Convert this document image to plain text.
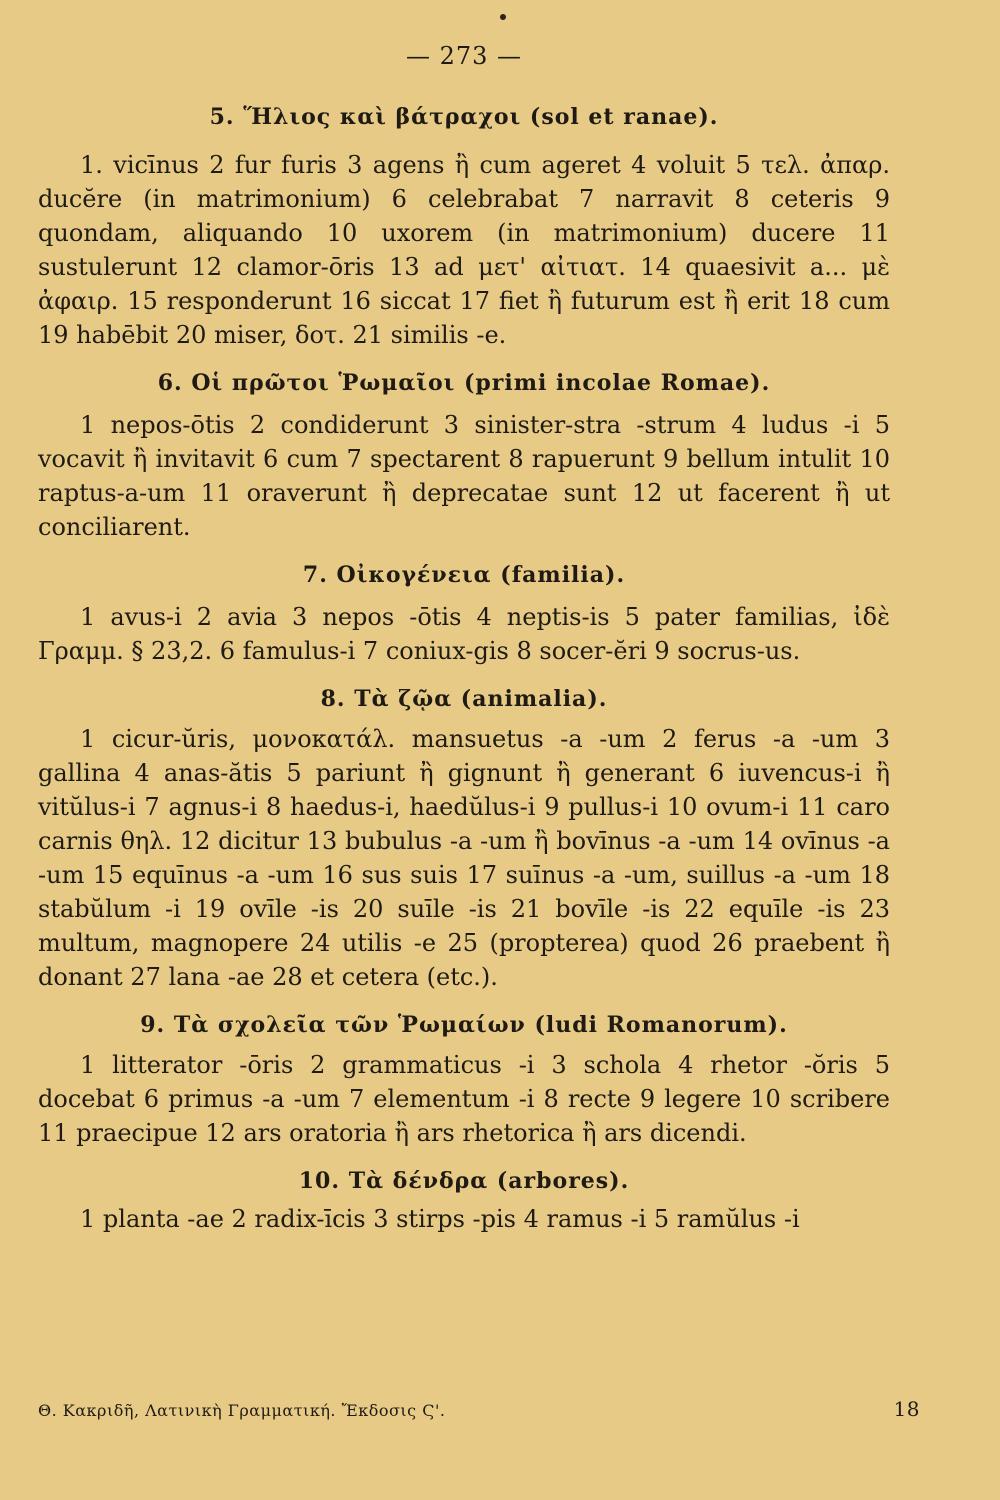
— 273 —
5. Ἥλιος καὶ βάτραχοι (sol et ranae).

1. vicīnus 2 fur furis 3 agens ἢ cum ageret 4 voluit 5 τελ. ἀπαρ. ducĕre (in matrimonium) 6 celebrabat 7 narravit 8 ceteris 9 quondam, aliquando 10 uxorem (in matrimonium) ducere 11 sustulerunt 12 clamor-ōris 13 ad μετ' αἰτιατ. 14 quaesivit a... μὲ ἀφαιρ. 15 responderunt 16 siccat 17 fiet ἢ futurum est ἢ erit 18 cum 19 habēbit 20 miser, δοτ. 21 similis -e.

6. Οἱ πρῶτοι Ῥωμαῖοι (primi incolae Romae).

1 nepos-ōtis 2 condiderunt 3 sinister-stra -strum 4 ludus -i 5 vocavit ἢ invitavit 6 cum 7 spectarent 8 rapuerunt 9 bellum intulit 10 raptus-a-um 11 oraverunt ἢ deprecatae sunt 12 ut facerent ἢ ut conciliarent.

7. Οἰκογένεια (familia).

1 avus-i 2 avia 3 nepos -ōtis 4 neptis-is 5 pater familias, ἰδὲ Γραμμ. § 23,2. 6 famulus-i 7 coniux-gis 8 socer-ĕri 9 socrus-us.

8. Τὰ ζῷα (animalia).

1 cicur-ŭris, μονοκατάλ. mansuetus -a -um 2 ferus -a -um 3 gallina 4 anas-ătis 5 pariunt ἢ gignunt ἢ generant 6 iuvencus-i ἢ vitŭlus-i 7 agnus-i 8 haedus-i, haedŭlus-i 9 pullus-i 10 ovum-i 11 caro carnis θηλ. 12 dicitur 13 bubulus -a -um ἢ bovīnus -a -um 14 ovīnus -a -um 15 equīnus -a -um 16 sus suis 17 suīnus -a -um, suillus -a -um 18 stabŭlum -i 19 ovīle -is 20 suīle -is 21 bovīle -is 22 equīle -is 23 multum, magnopere 24 utilis -e 25 (propterea) quod 26 praebent ἢ donant 27 lana -ae 28 et cetera (etc.).

9. Τὰ σχολεῖα τῶν Ῥωμαίων (ludi Romanorum).

1 litterator -ōris 2 grammaticus -i 3 schola 4 rhetor -ŏris 5 docebat 6 primus -a -um 7 elementum -i 8 recte 9 legere 10 scribere 11 praecipue 12 ars oratoria ἢ ars rhetorica ἢ ars dicendi.

10. Τὰ δένδρα (arbores).

1 planta -ae 2 radix-īcis 3 stirps -pis 4 ramus -i 5 ramŭlus -i

Θ. Κακριδῆ, Λατινικὴ Γραμματική. Ἔκδοσις Ϛ'.	18
